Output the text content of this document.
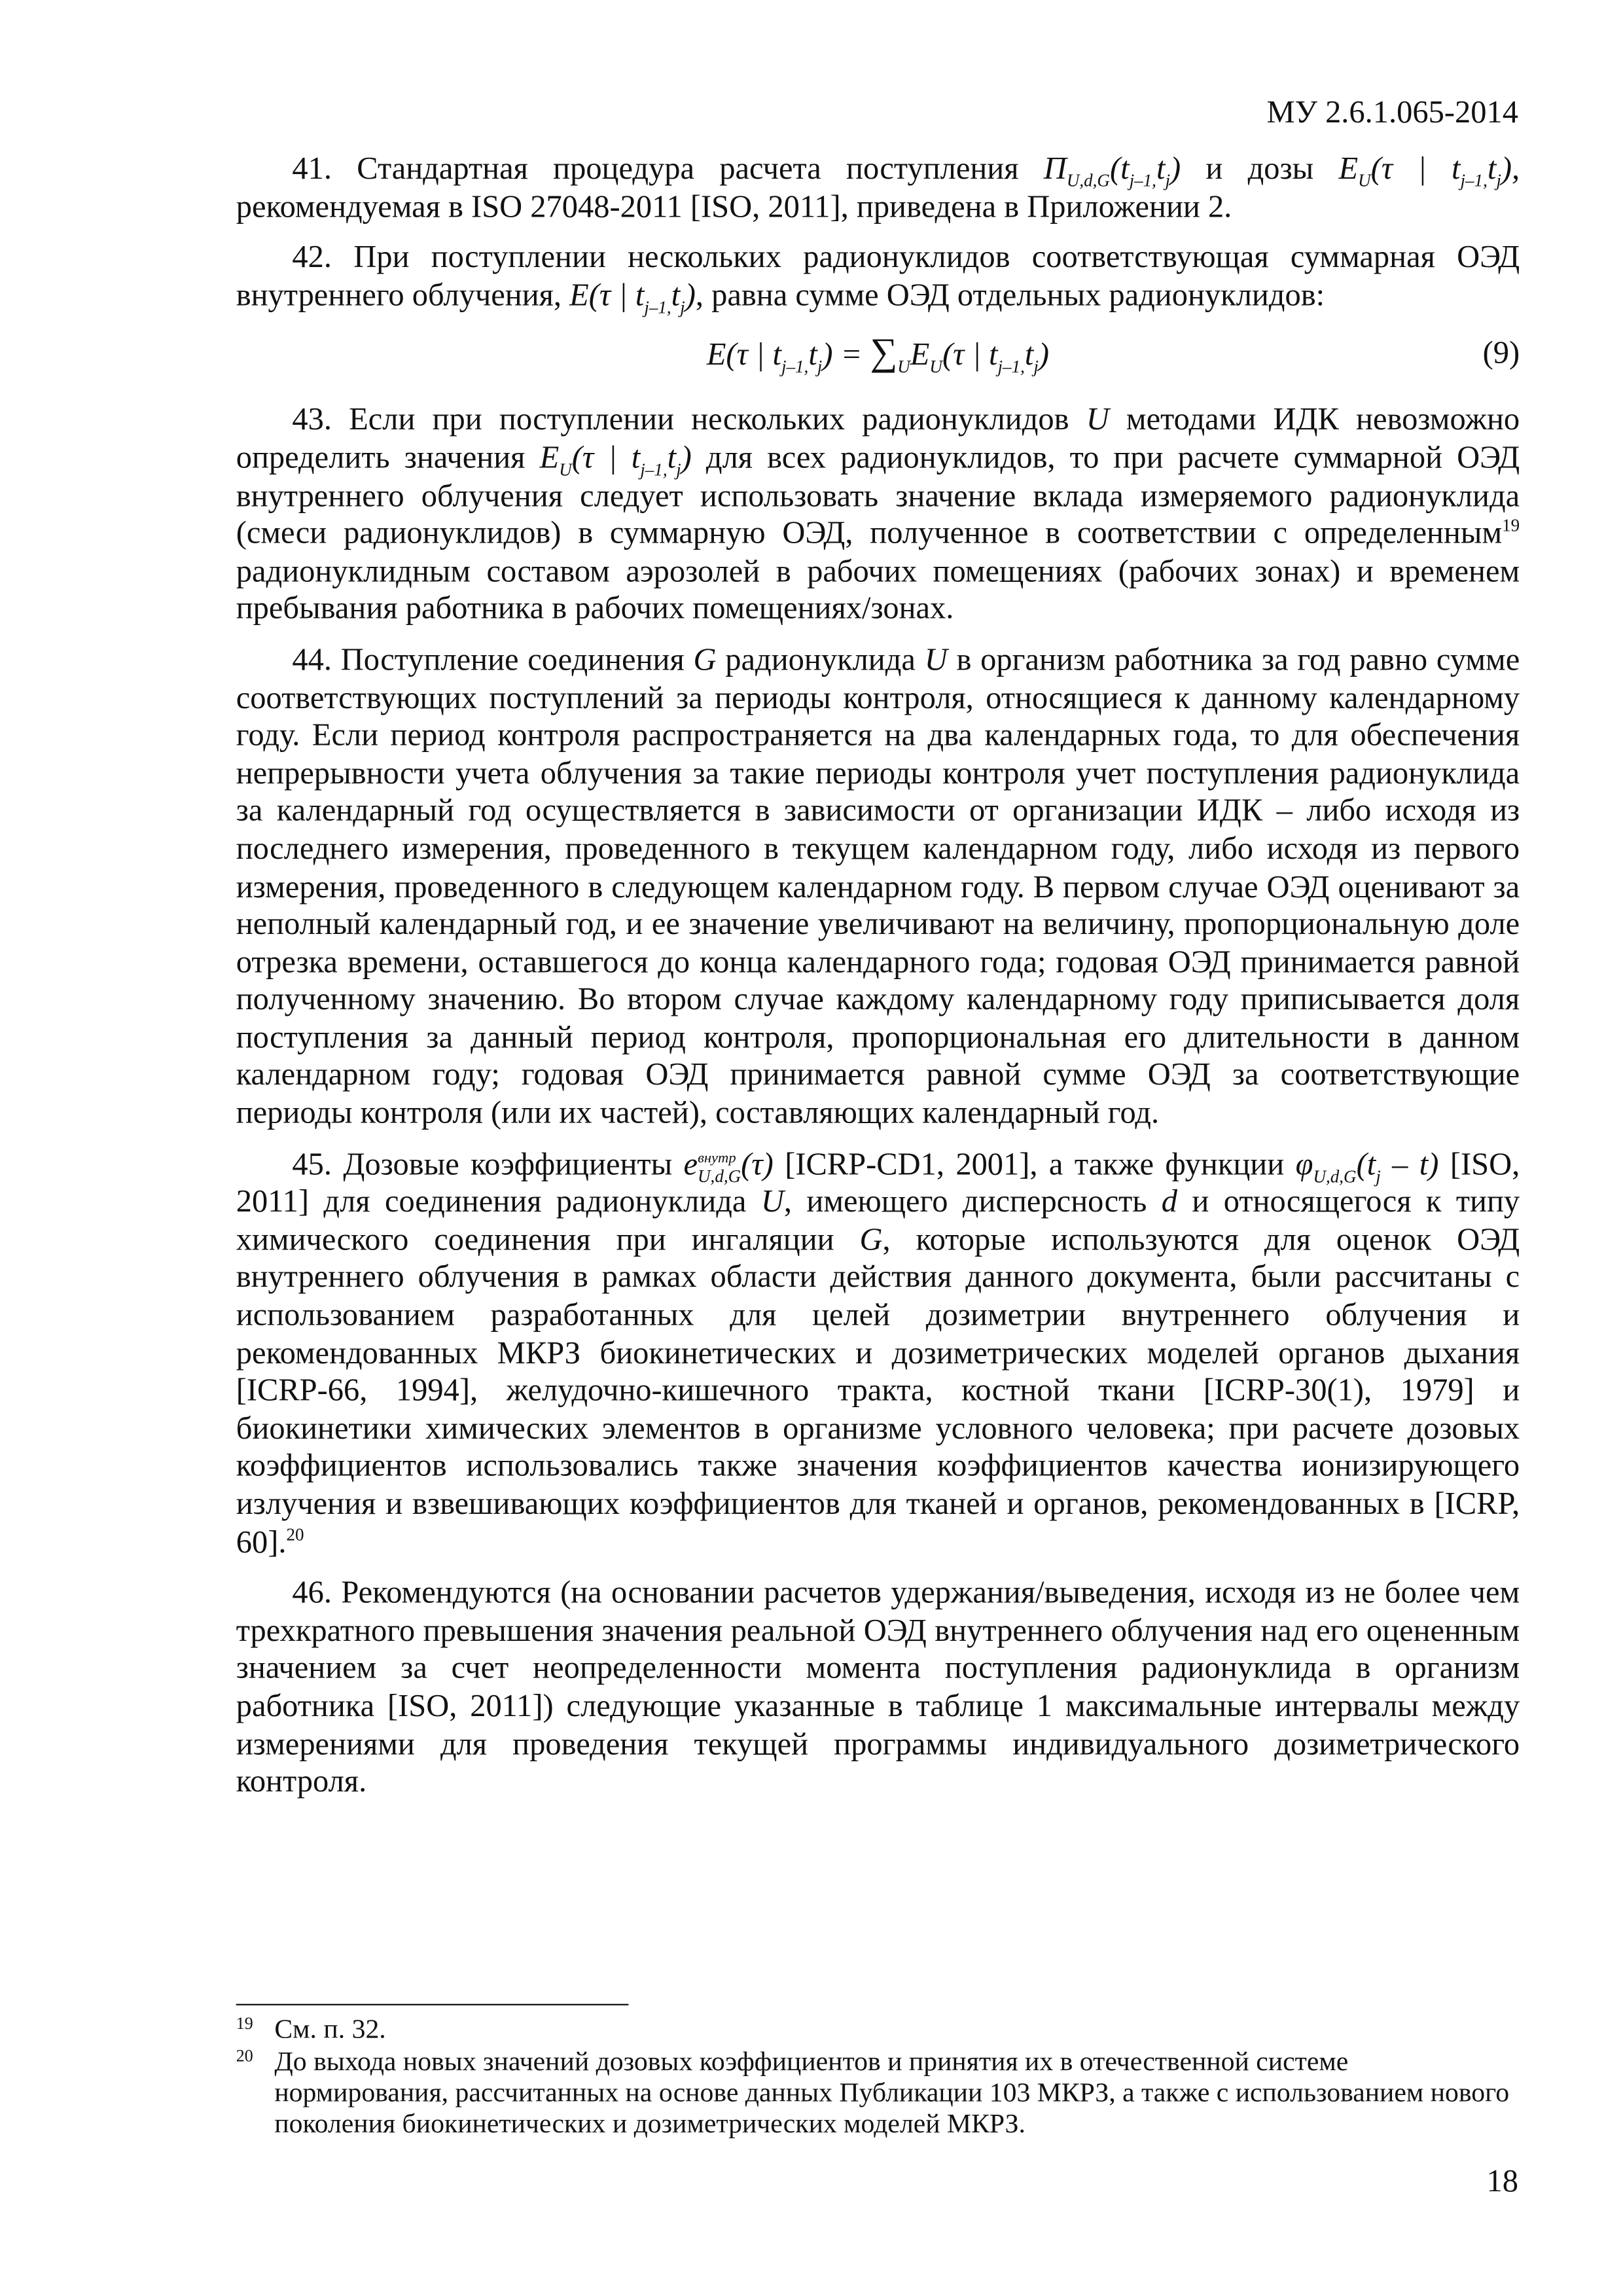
МУ 2.6.1.065-2014

41. Стандартная процедура расчета поступления $\Pi_{U,d,G}(t_{j-1,}t_j)$ и дозы $E_U(\tau$ | $t_{j-1,}t_j$), рекомендуемая в ISO 27048-2011 [ISO, 2011], приведена в Приложении 2.

42. При поступлении нескольких радионуклидов соответствующая суммарная ОЭД внутреннего облучения, E(τ | $t_{j-1,}t_j$), равна сумме ОЭД отдельных радионуклидов:

E(τ | $t_{j-1,}t_j) = \sum_UE_U(\tau$ | $t_{j-1,}t_j$)	(9)

43. Если при поступлении нескольких радионуклидов U методами ИДК невозможно определить значения $E_U(\tau$ | $t_{j-1,}t_j$) для всех радионуклидов, то при расчете суммарной ОЭД внутреннего облучения следует использовать значение вклада измеряемого радионуклида (смеси радионуклидов) в суммарную ОЭД, полученное в соответствии с определенным$^{19}$ радионуклидным составом аэрозолей в рабочих помещениях (рабочих зонах) и временем пребывания работника в рабочих помещениях/зонах.

44. Поступление соединения G радионуклида U в организм работника за год равно сумме соответствующих поступлений за периоды контроля, относящиеся к данному календарному году. Если период контроля распространяется на два календарных года, то для обеспечения непрерывности учета облучения за такие периоды контроля учет поступления радионуклида за календарный год осуществляется в зависимости от организации ИДК – либо исходя из последнего измерения, проведенного в текущем календарном году, либо исходя из первого измерения, проведенного в следующем календарном году. В первом случае ОЭД оценивают за неполный календарный год, и ее значение увеличивают на величину, пропорциональную доле отрезка времени, оставшегося до конца календарного года; годовая ОЭД принимается равной полученному значению. Во втором случае каждому календарному году приписывается доля поступления за данный период контроля, пропорциональная его длительности в данном календарном году; годовая ОЭД принимается равной сумме ОЭД за соответствующие периоды контроля (или их частей), составляющих календарный год.

45. Дозовые коэффициенты $e^{внутр}_{U,d,G}(\tau)$ [ICRP-CD1, 2001], а также функции $\varphi_{U,d,G}(t_j - t)$ [ISO, 2011] для соединения радионуклида U, имеющего дисперсность d и относящегося к типу химического соединения при ингаляции G, которые используются для оценок ОЭД внутреннего облучения в рамках области действия данного документа, были рассчитаны с использованием разработанных для целей дозиметрии внутреннего облучения и рекомендованных МКРЗ биокинетических и дозиметрических моделей органов дыхания [ICRP-66, 1994], желудочно-кишечного тракта, костной ткани [ICRP-30(1), 1979] и биокинетики химических элементов в организме условного человека; при расчете дозовых коэффициентов использовались также значения коэффициентов качества ионизирующего излучения и взвешивающих коэффициентов для тканей и органов, рекомендованных в [ICRP, 60].$^{20}$

46. Рекомендуются (на основании расчетов удержания/выведения, исходя из не более чем трехкратного превышения значения реальной ОЭД внутреннего облучения над его оцененным значением за счет неопределенности момента поступления радионуклида в организм работника [ISO, 2011]) следующие указанные в таблице 1 максимальные интервалы между измерениями для проведения текущей программы индивидуального дозиметрического контроля.

19 См. п. 32.
20 До выхода новых значений дозовых коэффициентов и принятия их в отечественной системе нормирования, рассчитанных на основе данных Публикации 103 МКРЗ, а также с использованием нового поколения биокинетических и дозиметрических моделей МКРЗ.
18
